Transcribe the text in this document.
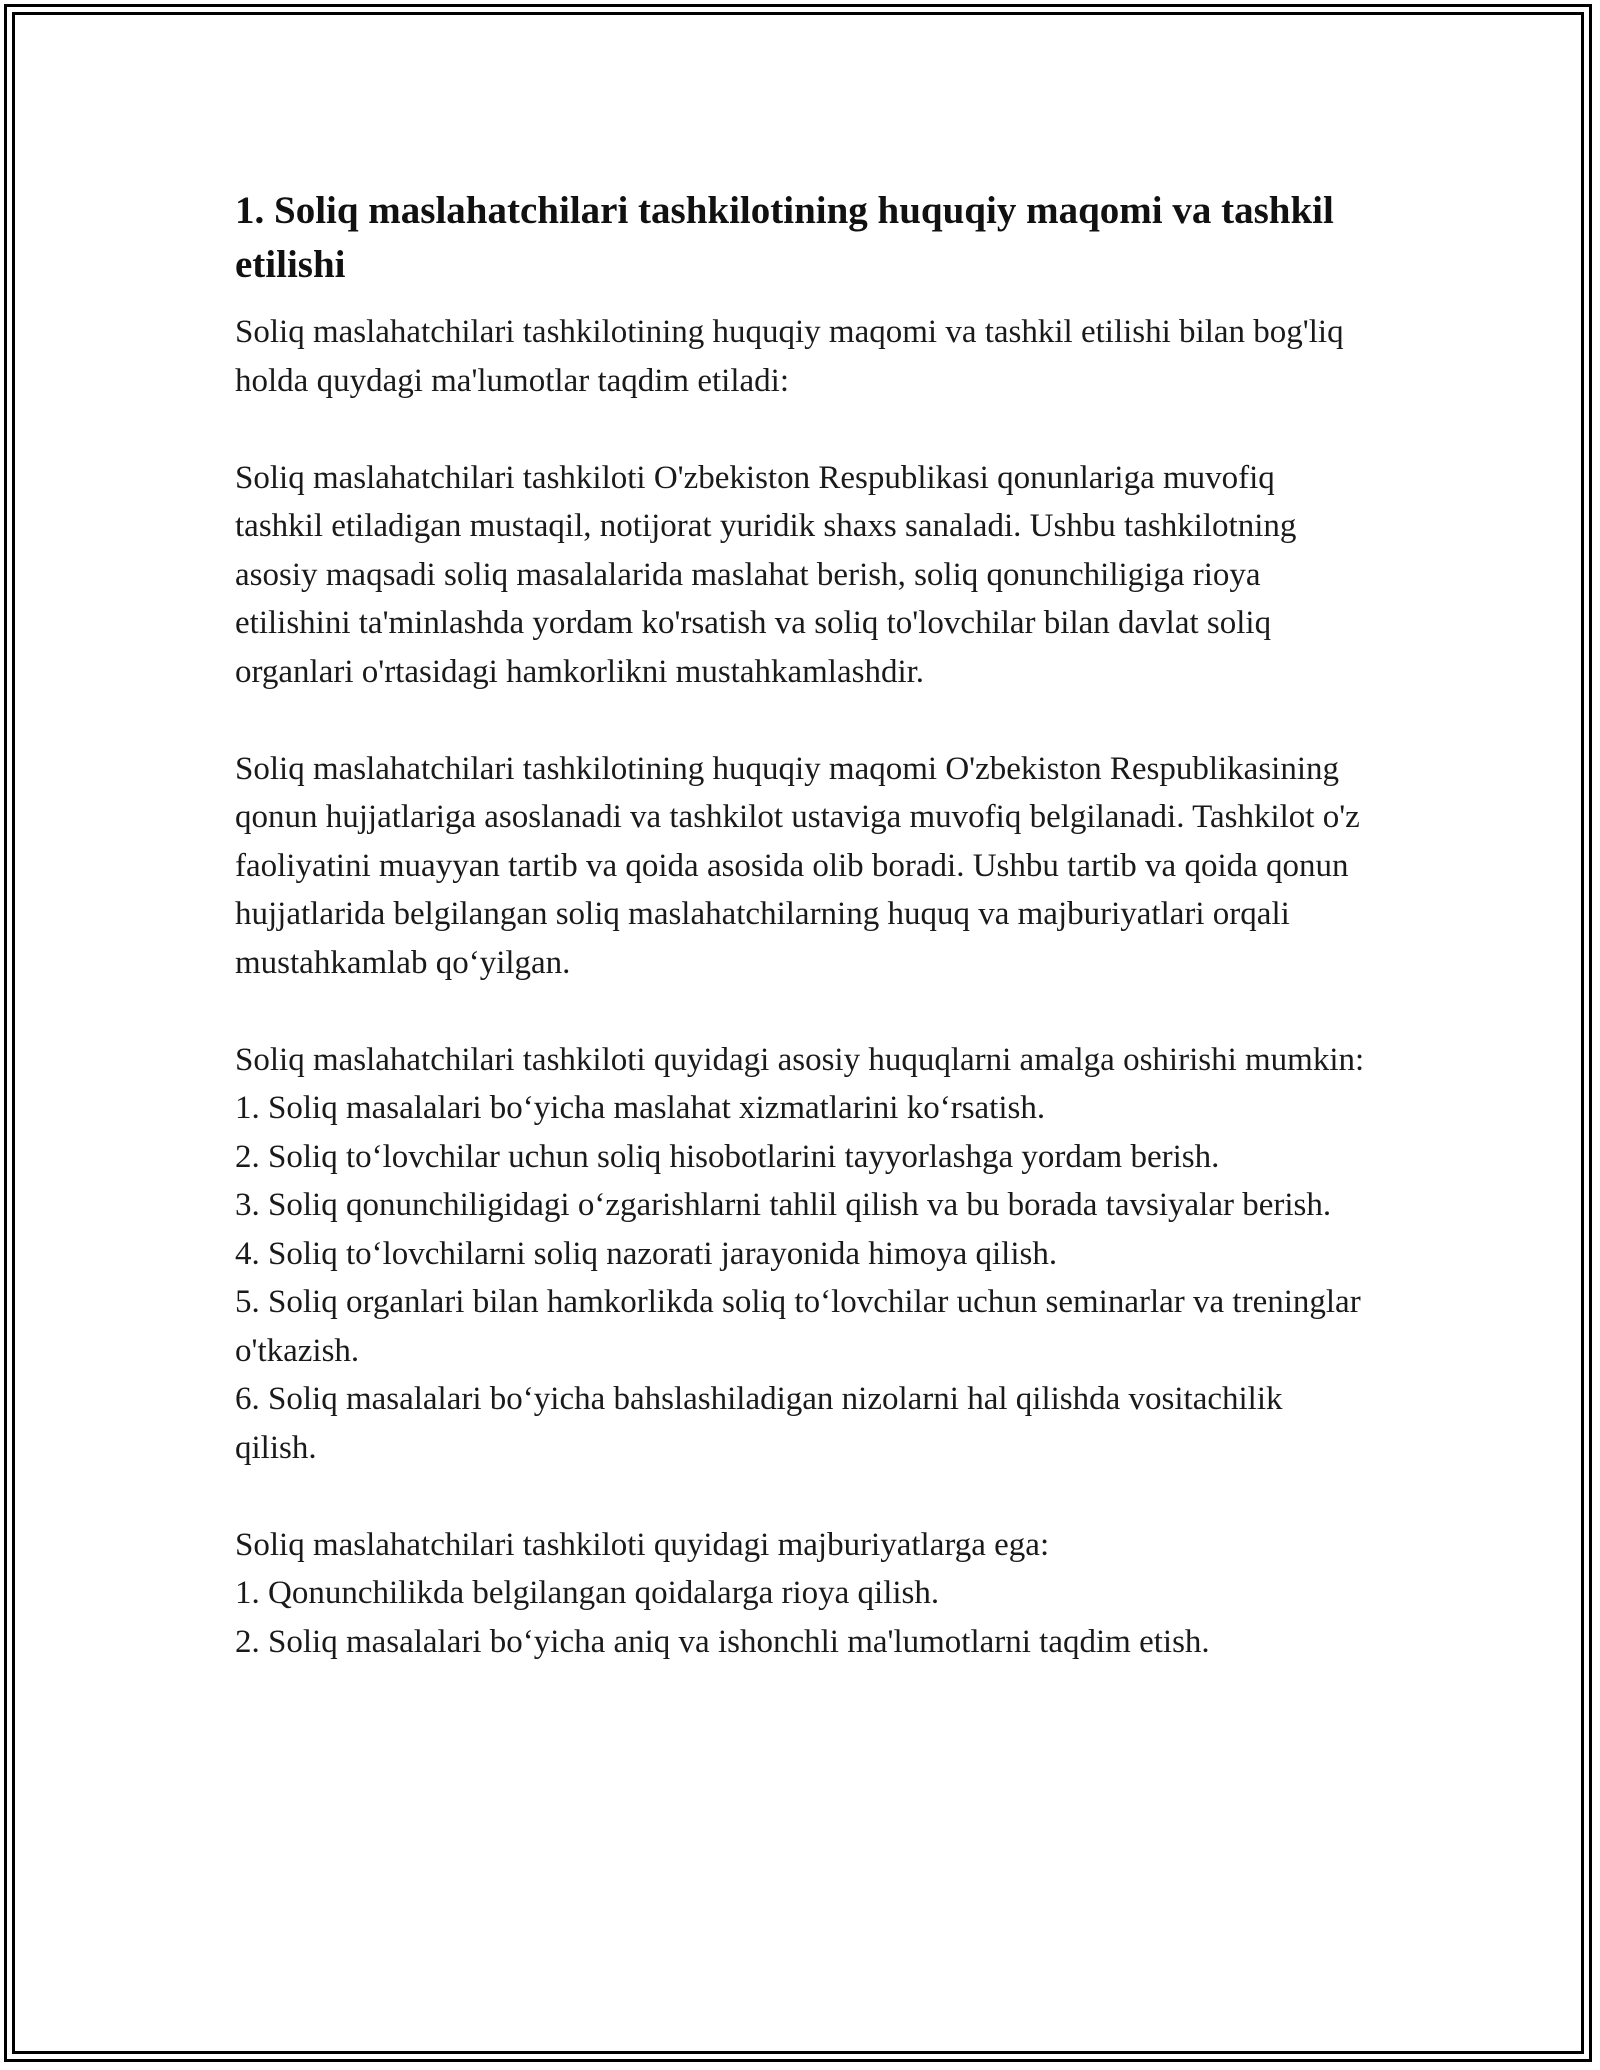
1. Soliq maslahatchilari tashkilotining huquqiy maqomi va tashkil etilishi

Soliq maslahatchilari tashkilotining huquqiy maqomi va tashkil etilishi bilan bog'liq holda quydagi ma'lumotlar taqdim etiladi:

Soliq maslahatchilari tashkiloti O'zbekiston Respublikasi qonunlariga muvofiq tashkil etiladigan mustaqil, notijorat yuridik shaxs sanaladi. Ushbu tashkilotning asosiy maqsadi soliq masalalarida maslahat berish, soliq qonunchiligiga rioya etilishini ta'minlashda yordam ko'rsatish va soliq to'lovchilar bilan davlat soliq organlari o'rtasidagi hamkorlikni mustahkamlashdir.

Soliq maslahatchilari tashkilotining huquqiy maqomi O'zbekiston Respublikasining qonun hujjatlariga asoslanadi va tashkilot ustaviga muvofiq belgilanadi. Tashkilot o'z faoliyatini muayyan tartib va qoida asosida olib boradi. Ushbu tartib va qoida qonun hujjatlarida belgilangan soliq maslahatchilarning huquq va majburiyatlari orqali mustahkamlab qo‘yilgan.

Soliq maslahatchilari tashkiloti quyidagi asosiy huquqlarni amalga oshirishi mumkin:

1. Soliq masalalari bo‘yicha maslahat xizmatlarini ko‘rsatish.

2. Soliq to‘lovchilar uchun soliq hisobotlarini tayyorlashga yordam berish.

3. Soliq qonunchiligidagi o‘zgarishlarni tahlil qilish va bu borada tavsiyalar berish.

4. Soliq to‘lovchilarni soliq nazorati jarayonida himoya qilish.

5. Soliq organlari bilan hamkorlikda soliq to‘lovchilar uchun seminarlar va treninglar o'tkazish.

6. Soliq masalalari bo‘yicha bahslashiladigan nizolarni hal qilishda vositachilik qilish.

Soliq maslahatchilari tashkiloti quyidagi majburiyatlarga ega:

1. Qonunchilikda belgilangan qoidalarga rioya qilish.

2. Soliq masalalari bo‘yicha aniq va ishonchli ma'lumotlarni taqdim etish.
